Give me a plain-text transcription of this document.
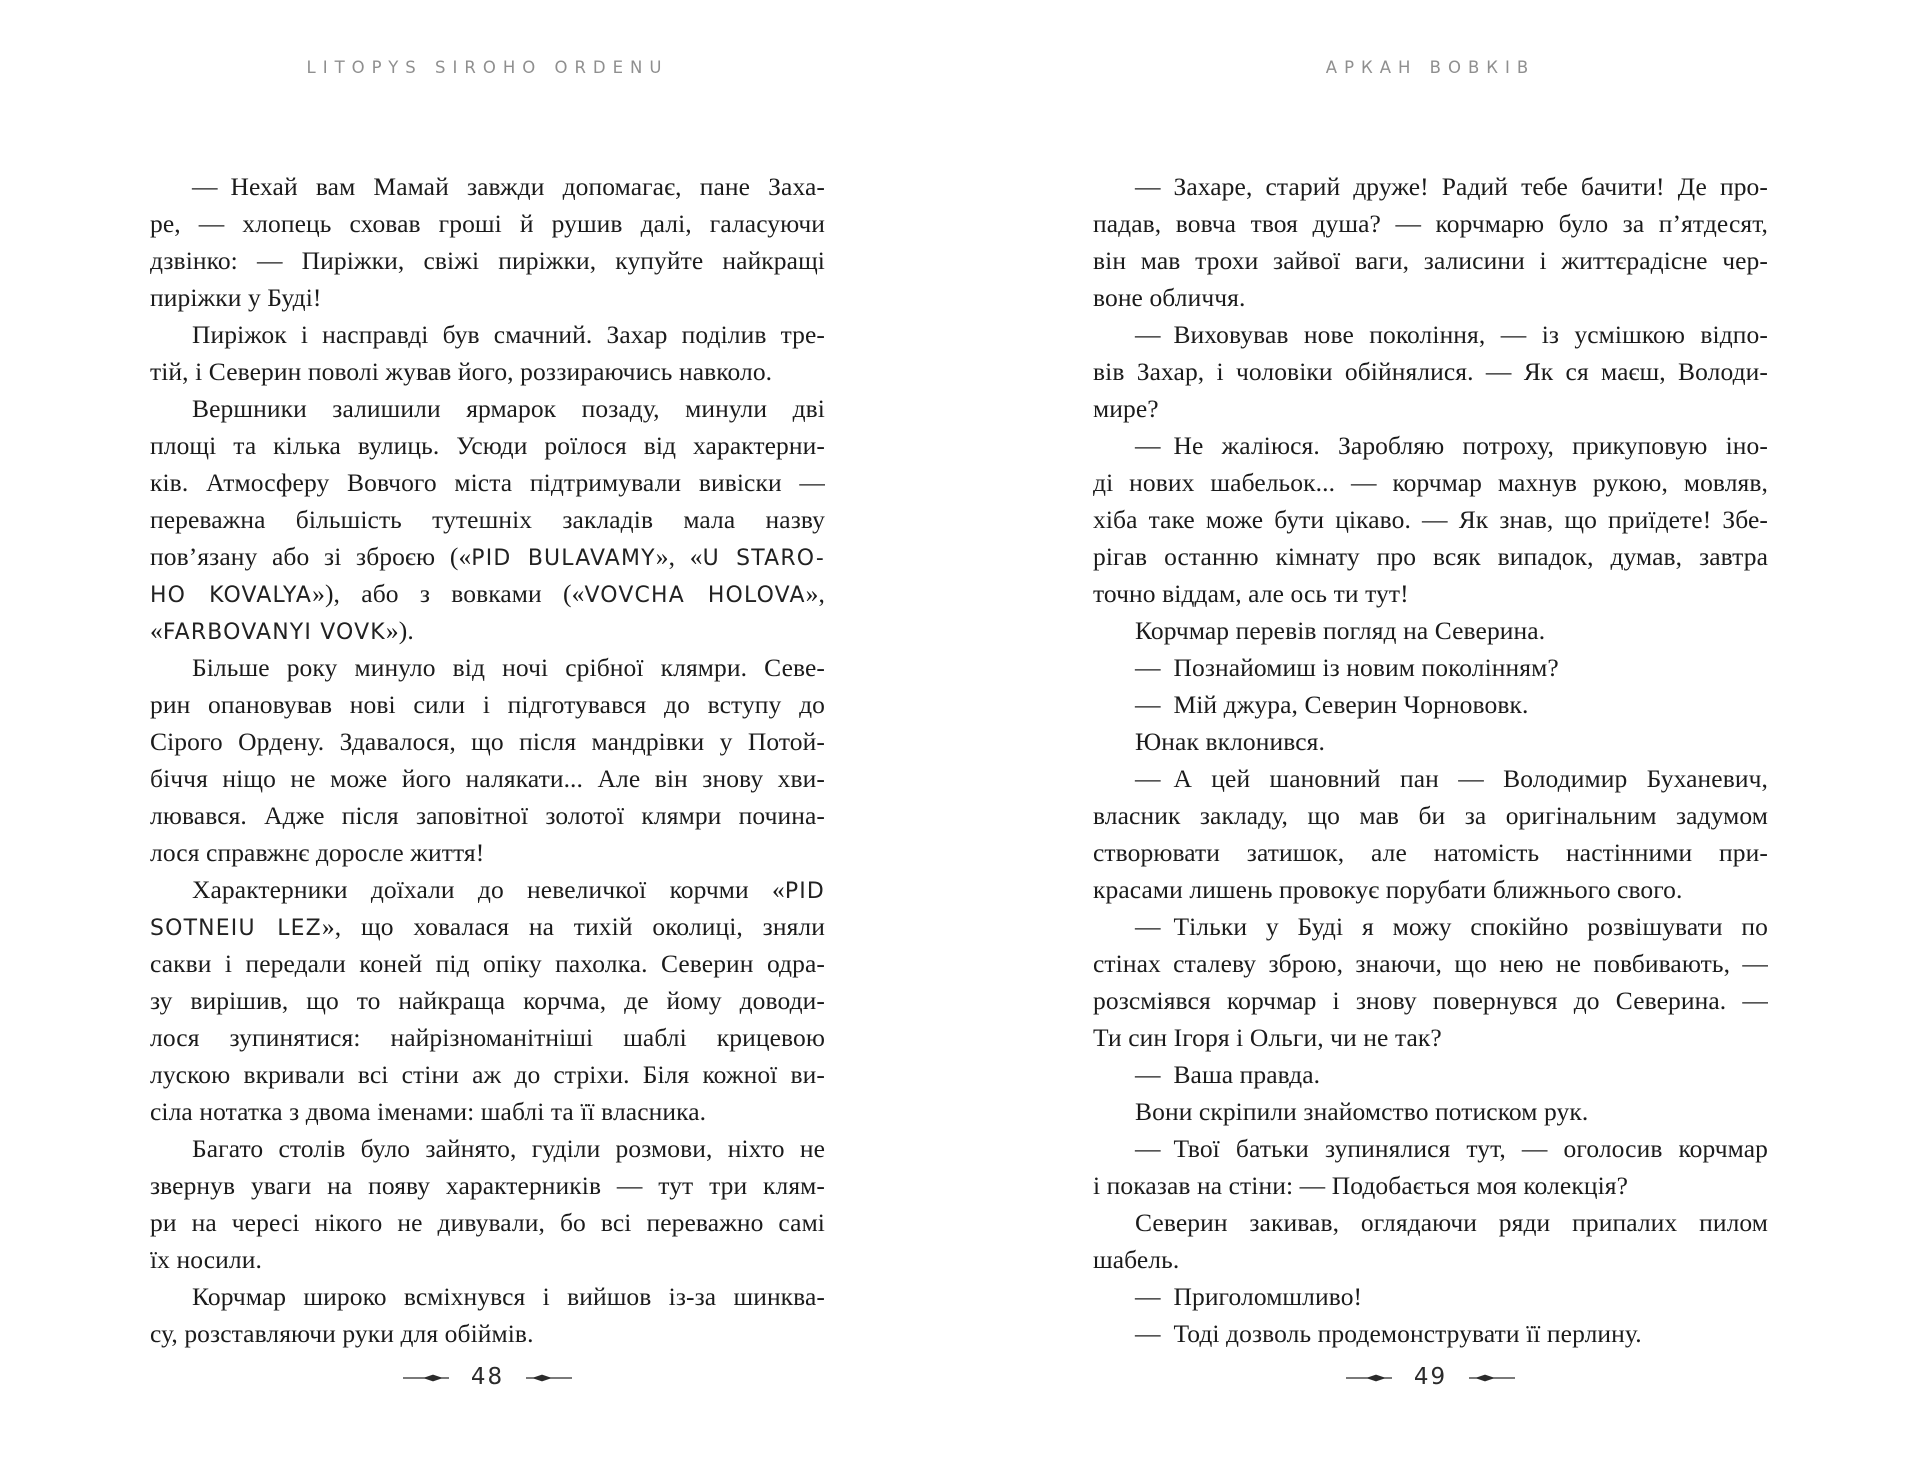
LITOPYS SIROHO ORDENU
— Нехай вам Мамай завжди допомагає, пане Заха-
ре, — хлопець сховав гроші й рушив далі, галасуючи
дзвінко: — Пиріжки, свіжі пиріжки, купуйте найкращі
пиріжки у Буді!
Пиріжок і насправді був смачний. Захар поділив тре-
тій, і Северин поволі жував його, роззираючись навколо.
Вершники залишили ярмарок позаду, минули дві
площі та кілька вулиць. Усюди роїлося від характерни-
ків. Атмосферу Вовчого міста підтримували вивіски —
переважна більшість тутешніх закладів мала назву
пов’язану або зі зброєю («PID BULAVAMY», «U STARO-
HO KOVALYA»), або з вовками («VOVCHA HOLOVA»,
«FARBOVANYI VOVK»).
Більше року минуло від ночі срібної клямри. Севе-
рин опановував нові сили і підготувався до вступу до
Сірого Ордену. Здавалося, що після мандрівки у Потой-
біччя ніщо не може його налякати... Але він знову хви-
лювався. Адже після заповітної золотої клямри почина-
лося справжнє доросле життя!
Характерники доїхали до невеличкої корчми «PID
SOTNEIU LEZ», що ховалася на тихій околиці, зняли
сакви і передали коней під опіку пахолка. Северин одра-
зу вирішив, що то найкраща корчма, де йому доводи-
лося зупинятися: найрізноманітніші шаблі крицевою
лускою вкривали всі стіни аж до стріхи. Біля кожної ви-
сіла нотатка з двома іменами: шаблі та її власника.
Багато столів було зайнято, гуділи розмови, ніхто не
звернув уваги на появу характерників — тут три клям-
ри на чересі нікого не дивували, бо всі переважно самі
їх носили.
Корчмар широко всміхнувся і вийшов із-за шинква-
су, розставляючи руки для обіймів.
48
АРКАН ВОВКІВ
— Захаре, старий друже! Радий тебе бачити! Де про-
падав, вовча твоя душа? — корчмарю було за п’ятдесят,
він мав трохи зайвої ваги, залисини і життєрадісне чер-
воне обличчя.
— Виховував нове покоління, — із усмішкою відпо-
вів Захар, і чоловіки обійнялися. — Як ся маєш, Володи-
мире?
— Не жаліюся. Заробляю потроху, прикуповую іно-
ді нових шабельок... — корчмар махнув рукою, мовляв,
хіба таке може бути цікаво. — Як знав, що приїдете! Збе-
рігав останню кімнату про всяк випадок, думав, завтра
точно віддам, але ось ти тут!
Корчмар перевів погляд на Северина.
— Познайомиш із новим поколінням?
— Мій джура, Северин Чорнововк.
Юнак вклонився.
— А цей шановний пан — Володимир Буханевич,
власник закладу, що мав би за оригінальним задумом
створювати затишок, але натомість настінними при-
красами лишень провокує порубати ближнього свого.
— Тільки у Буді я можу спокійно розвішувати по
стінах сталеву зброю, знаючи, що нею не повбивають, —
розсміявся корчмар і знову повернувся до Северина. —
Ти син Ігоря і Ольги, чи не так?
— Ваша правда.
Вони скріпили знайомство потиском рук.
— Твої батьки зупинялися тут, — оголосив корчмар
і показав на стіни: — Подобається моя колекція?
Северин закивав, оглядаючи ряди припалих пилом
шабель.
— Приголомшливо!
— Тоді дозволь продемонструвати її перлину.
49
